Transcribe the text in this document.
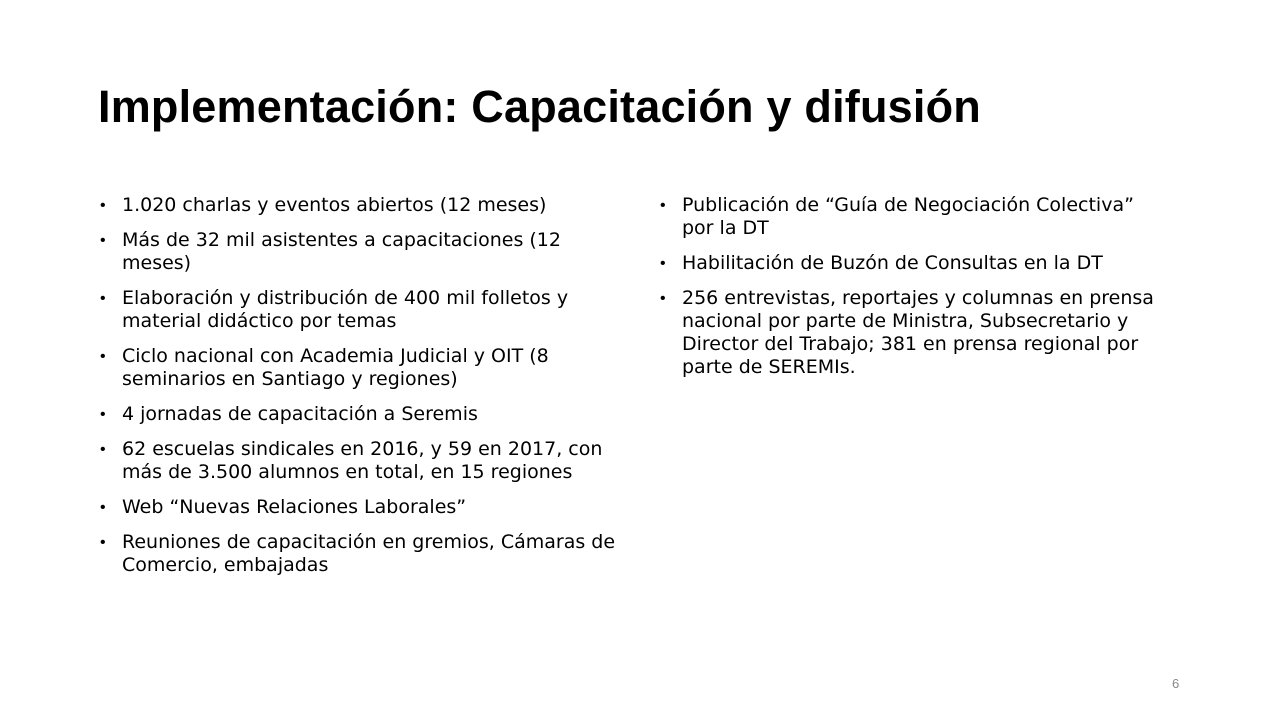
Implementación: Capacitación y difusión
• 1.020 charlas y eventos abiertos (12 meses)
• Más de 32 mil asistentes a capacitaciones (12 meses)
• Elaboración y distribución de 400 mil folletos y material didáctico por temas
• Ciclo nacional con Academia Judicial y OIT (8 seminarios en Santiago y regiones)
• 4 jornadas de capacitación a Seremis
• 62 escuelas sindicales en 2016, y 59 en 2017, con más de 3.500 alumnos en total, en 15 regiones
• Web “Nuevas Relaciones Laborales”
• Reuniones de capacitación en gremios, Cámaras de Comercio, embajadas
• Publicación de “Guía de Negociación Colectiva” por la DT
• Habilitación de Buzón de Consultas en la DT
• 256 entrevistas, reportajes y columnas en prensa nacional por parte de Ministra, Subsecretario y Director del Trabajo; 381 en prensa regional por parte de SEREMIs.
6
